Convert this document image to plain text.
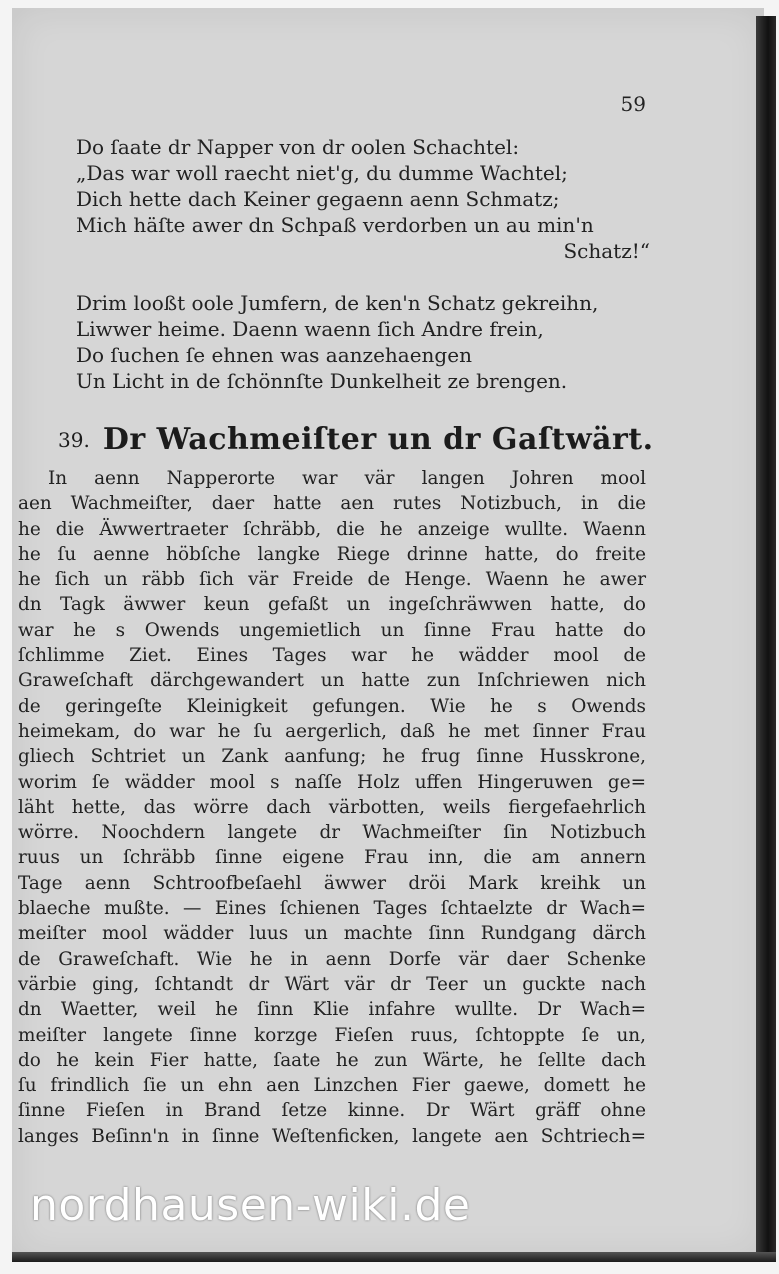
59

Do ſaate dr Napper von dr oolen Schachtel:

„Das war woll raecht niet'g, du dumme Wachtel;

Dich hette dach Keiner gegaenn aenn Schmatz;

Mich häſte awer dn Schpaß verdorben un au min'n

Schatz!“

Drim looßt oole Jumfern, de ken'n Schatz gekreihn,

Liwwer heime. Daenn waenn ſich Andre frein,

Do ſuchen ſe ehnen was aanzehaengen

Un Licht in de ſchönnſte Dunkelheit ze brengen.

39. Dr Wachmeiſter un dr Gaſtwärt.

In aenn Napperorte war vär langen Johren mool

aen Wachmeiſter, daer hatte aen rutes Notizbuch, in die

he die Äwwertraeter ſchräbb, die he anzeige wullte. Waenn

he ſu aenne höbſche langke Riege drinne hatte, do freite

he ſich un räbb ſich vär Freide de Henge. Waenn he awer

dn Tagk äwwer keun gefaßt un ingeſchräwwen hatte, do

war he s Owends ungemietlich un ſinne Frau hatte do

ſchlimme Ziet. Eines Tages war he wädder mool de

Graweſchaft därchgewandert un hatte zun Inſchriewen nich

de geringeſte Kleinigkeit gefungen. Wie he s Owends

heimekam, do war he ſu aergerlich, daß he met ſinner Frau

gliech Schtriet un Zank aanfung; he frug ſinne Husskrone,

worim ſe wädder mool s naſſe Holz uffen Hingeruwen ge=

läht hette, das wörre dach värbotten, weils fiergefaehrlich

wörre. Noochdern langete dr Wachmeiſter ſin Notizbuch

ruus un ſchräbb ſinne eigene Frau inn, die am annern

Tage aenn Schtroofbeſaehl äwwer dröi Mark kreihk un

blaeche mußte. — Eines ſchienen Tages ſchtaelzte dr Wach=

meiſter mool wädder luus un machte ſinn Rundgang därch

de Graweſchaft. Wie he in aenn Dorfe vär daer Schenke

värbie ging, ſchtandt dr Wärt vär dr Teer un guckte nach

dn Waetter, weil he ſinn Klie infahre wullte. Dr Wach=

meiſter langete ſinne korzge Fieſen ruus, ſchtoppte ſe un,

do he kein Fier hatte, ſaate he zun Wärte, he ſellte dach

ſu frindlich ſie un ehn aen Linzchen Fier gaewe, domett he

ſinne Fieſen in Brand ſetze kinne. Dr Wärt gräff ohne

langes Beſinn'n in ſinne Weſtenficken, langete aen Schtriech=

nordhausen-wiki.de
